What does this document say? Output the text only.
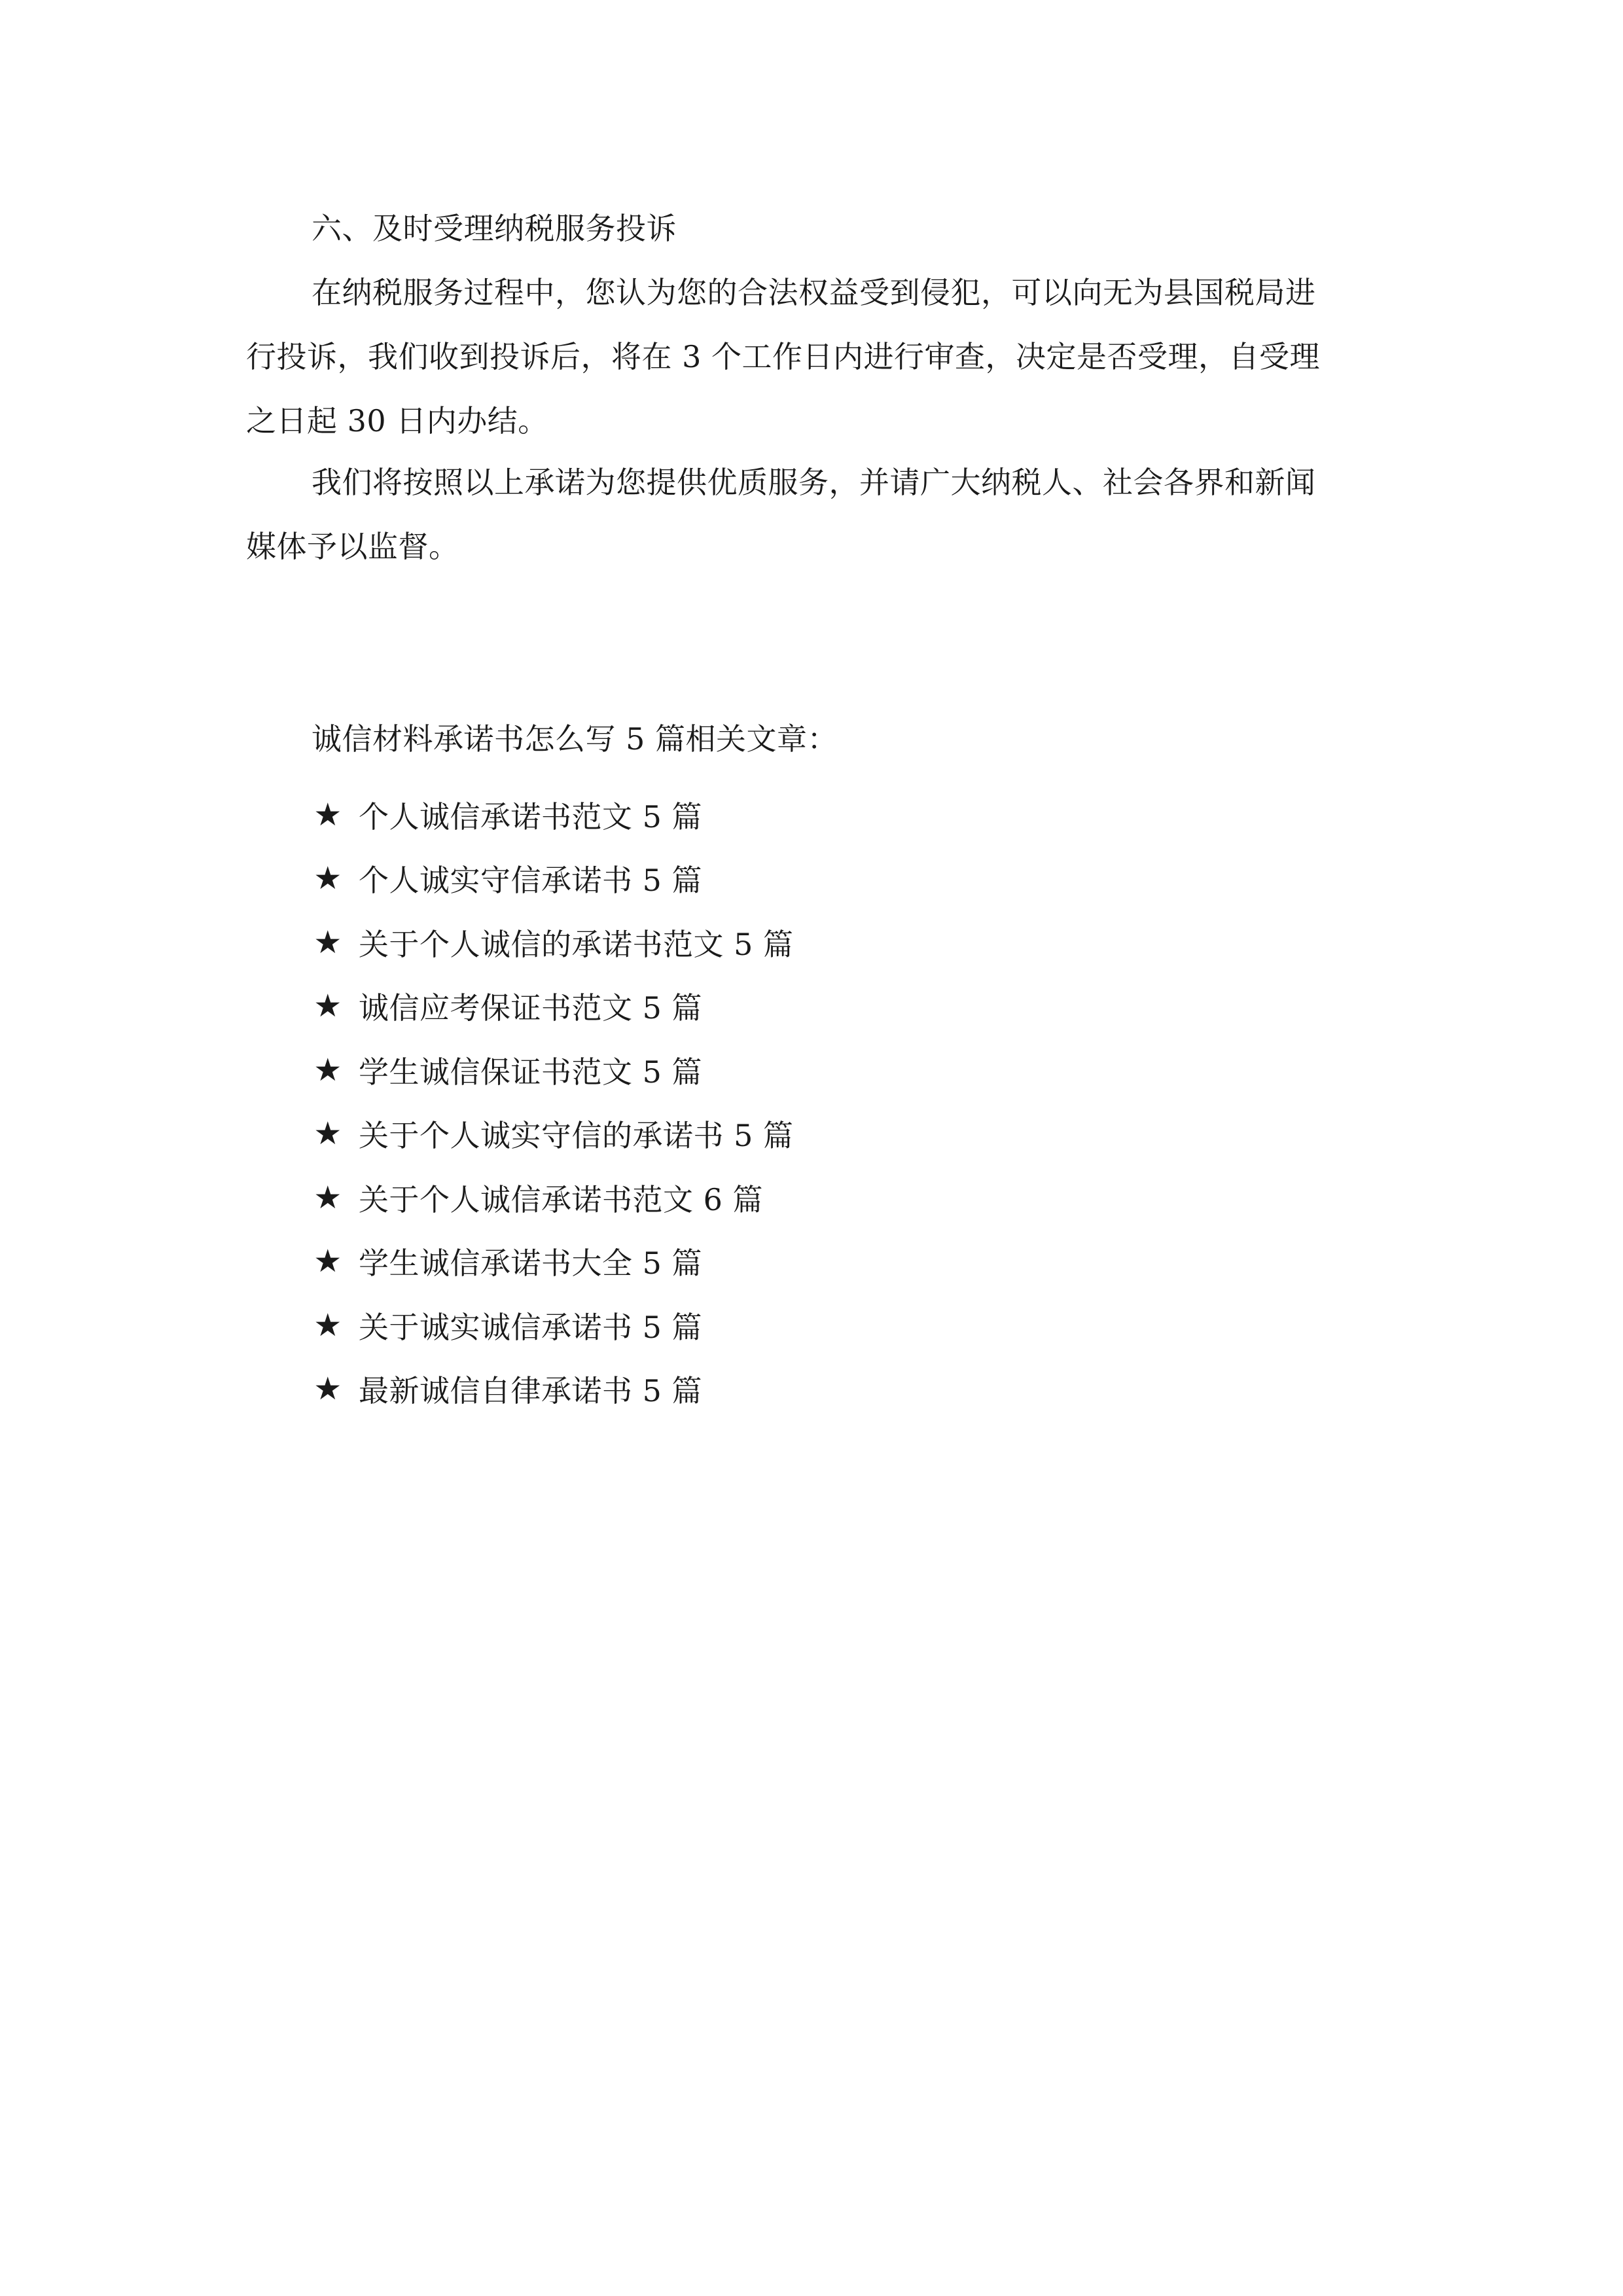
六、及时受理纳税服务投诉
在纳税服务过程中，您认为您的合法权益受到侵犯，可以向无为县国税局进
行投诉，我们收到投诉后，将在 3 个工作日内进行审查，决定是否受理，自受理
之日起 30 日内办结。
我们将按照以上承诺为您提供优质服务，并请广大纳税人、社会各界和新闻
媒体予以监督。
诚信材料承诺书怎么写 5 篇相关文章：
★ 个人诚信承诺书范文 5 篇
★ 个人诚实守信承诺书 5 篇
★ 关于个人诚信的承诺书范文 5 篇
★ 诚信应考保证书范文 5 篇
★ 学生诚信保证书范文 5 篇
★ 关于个人诚实守信的承诺书 5 篇
★ 关于个人诚信承诺书范文 6 篇
★ 学生诚信承诺书大全 5 篇
★ 关于诚实诚信承诺书 5 篇
★ 最新诚信自律承诺书 5 篇
